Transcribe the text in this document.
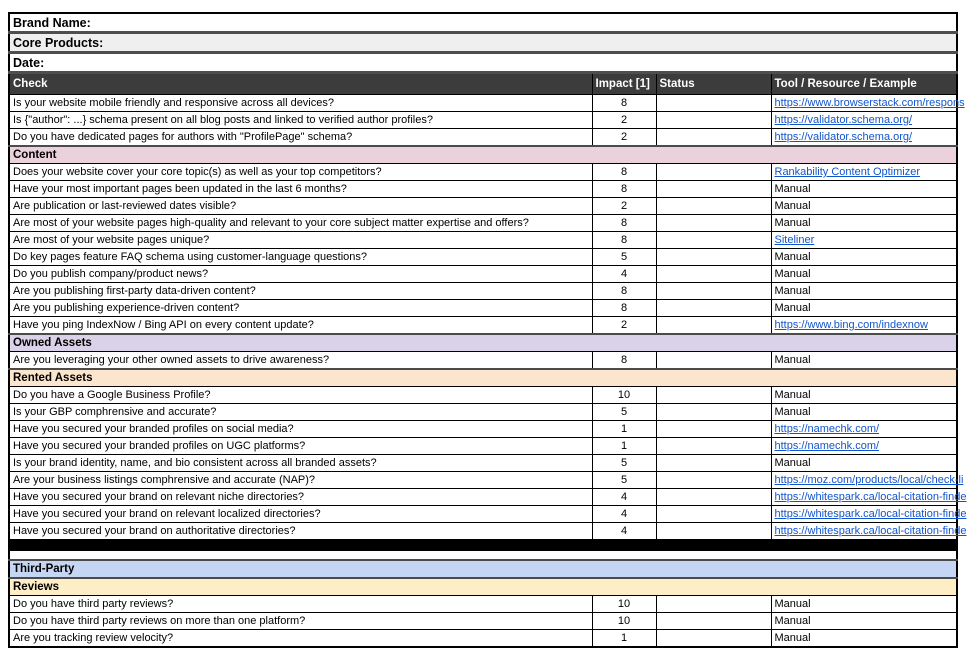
Brand Name:			
Core Products:			
Date:			
Check	Impact [1]	Status	Tool / Resource / Example
Is your website mobile friendly and responsive across all devices?	8		https://www.browserstack.com/respons
Is {"author": ...} schema present on all blog posts and linked to verified author profiles?	2		https://validator.schema.org/
Do you have dedicated pages for authors with "ProfilePage" schema?	2		https://validator.schema.org/
Content			
Does your website cover your core topic(s) as well as your top competitors?	8		Rankability Content Optimizer
Have your most important pages been updated in the last 6 months?	8		Manual
Are publication or last-reviewed dates visible?	2		Manual
Are most of your website pages high-quality and relevant to your core subject matter expertise and offers?	8		Manual
Are most of your website pages unique?	8		Siteliner
Do key pages feature FAQ schema using customer-language questions?	5		Manual
Do you publish company/product news?	4		Manual
Are you publishing first-party data-driven content?	8		Manual
Are you publishing experience-driven content?	8		Manual
Have you ping IndexNow / Bing API on every content update?	2		https://www.bing.com/indexnow
Owned Assets			
Are you leveraging your other owned assets to drive awareness?	8		Manual
Rented Assets			
Do you have a Google Business Profile?	10		Manual
Is your GBP comphrensive and accurate?	5		Manual
Have you secured your branded profiles on social media?	1		https://namechk.com/
Have you secured your branded profiles on UGC platforms?	1		https://namechk.com/
Is your brand identity, name, and bio consistent across all branded assets?	5		Manual
Are your business listings comphrensive and accurate (NAP)?	5		https://moz.com/products/local/check-li
Have you secured your brand on relevant niche directories?	4		https://whitespark.ca/local-citation-finde
Have you secured your brand on relevant localized directories?	4		https://whitespark.ca/local-citation-finde
Have you secured your brand on authoritative directories?	4		https://whitespark.ca/local-citation-finde

Third-Party			
Reviews			
Do you have third party reviews?	10		Manual
Do you have third party reviews on more than one platform?	10		Manual
Are you tracking review velocity?	1		Manual
